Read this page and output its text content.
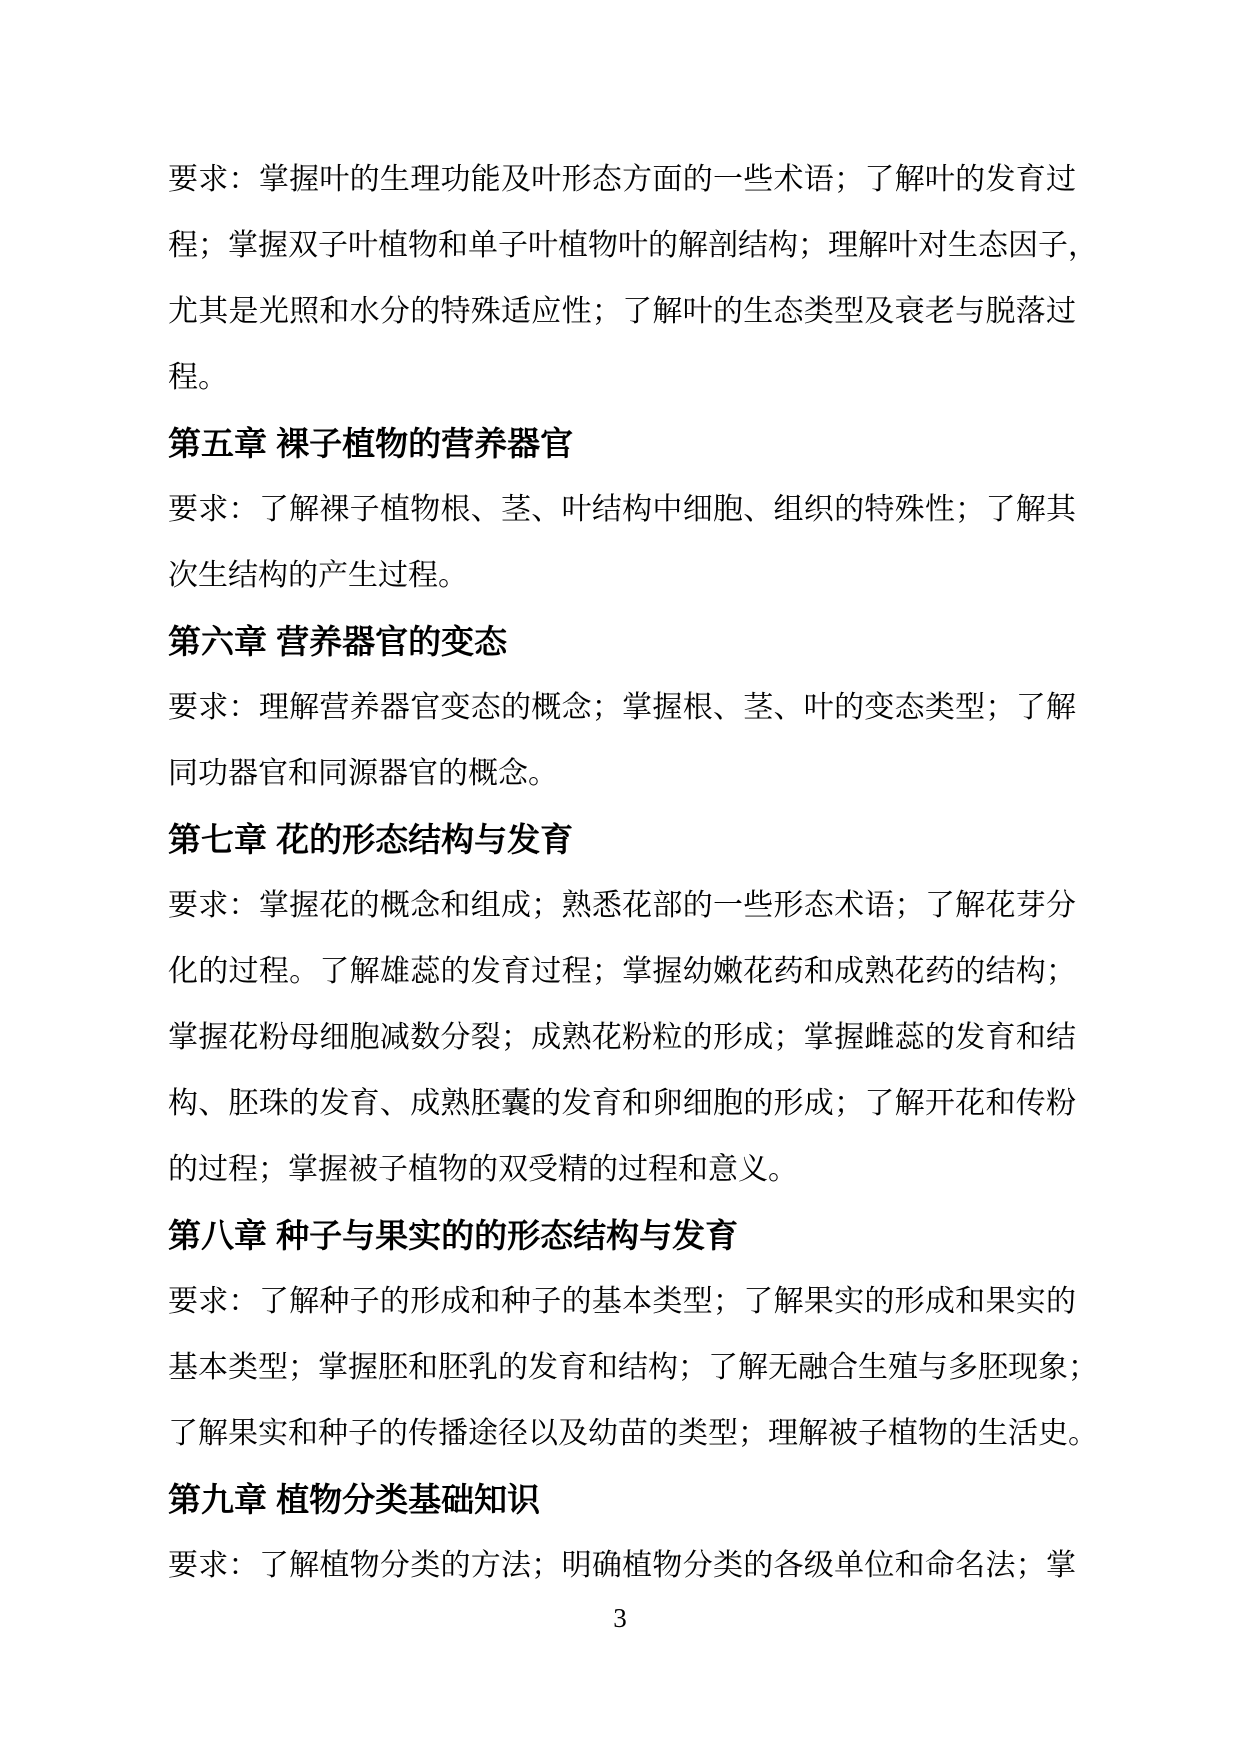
要求：掌握叶的生理功能及叶形态方面的一些术语；了解叶的发育过
程；掌握双子叶植物和单子叶植物叶的解剖结构；理解叶对生态因子，
尤其是光照和水分的特殊适应性；了解叶的生态类型及衰老与脱落过
程。
第五章 裸子植物的营养器官
要求：了解裸子植物根、茎、叶结构中细胞、组织的特殊性；了解其
次生结构的产生过程。
第六章 营养器官的变态
要求：理解营养器官变态的概念；掌握根、茎、叶的变态类型；了解
同功器官和同源器官的概念。
第七章 花的形态结构与发育
要求：掌握花的概念和组成；熟悉花部的一些形态术语；了解花芽分
化的过程。了解雄蕊的发育过程；掌握幼嫩花药和成熟花药的结构；
掌握花粉母细胞减数分裂；成熟花粉粒的形成；掌握雌蕊的发育和结
构、胚珠的发育、成熟胚囊的发育和卵细胞的形成；了解开花和传粉
的过程；掌握被子植物的双受精的过程和意义。
第八章 种子与果实的的形态结构与发育
要求：了解种子的形成和种子的基本类型；了解果实的形成和果实的
基本类型；掌握胚和胚乳的发育和结构；了解无融合生殖与多胚现象；
了解果实和种子的传播途径以及幼苗的类型；理解被子植物的生活史。
第九章 植物分类基础知识
要求：了解植物分类的方法；明确植物分类的各级单位和命名法；掌
3
